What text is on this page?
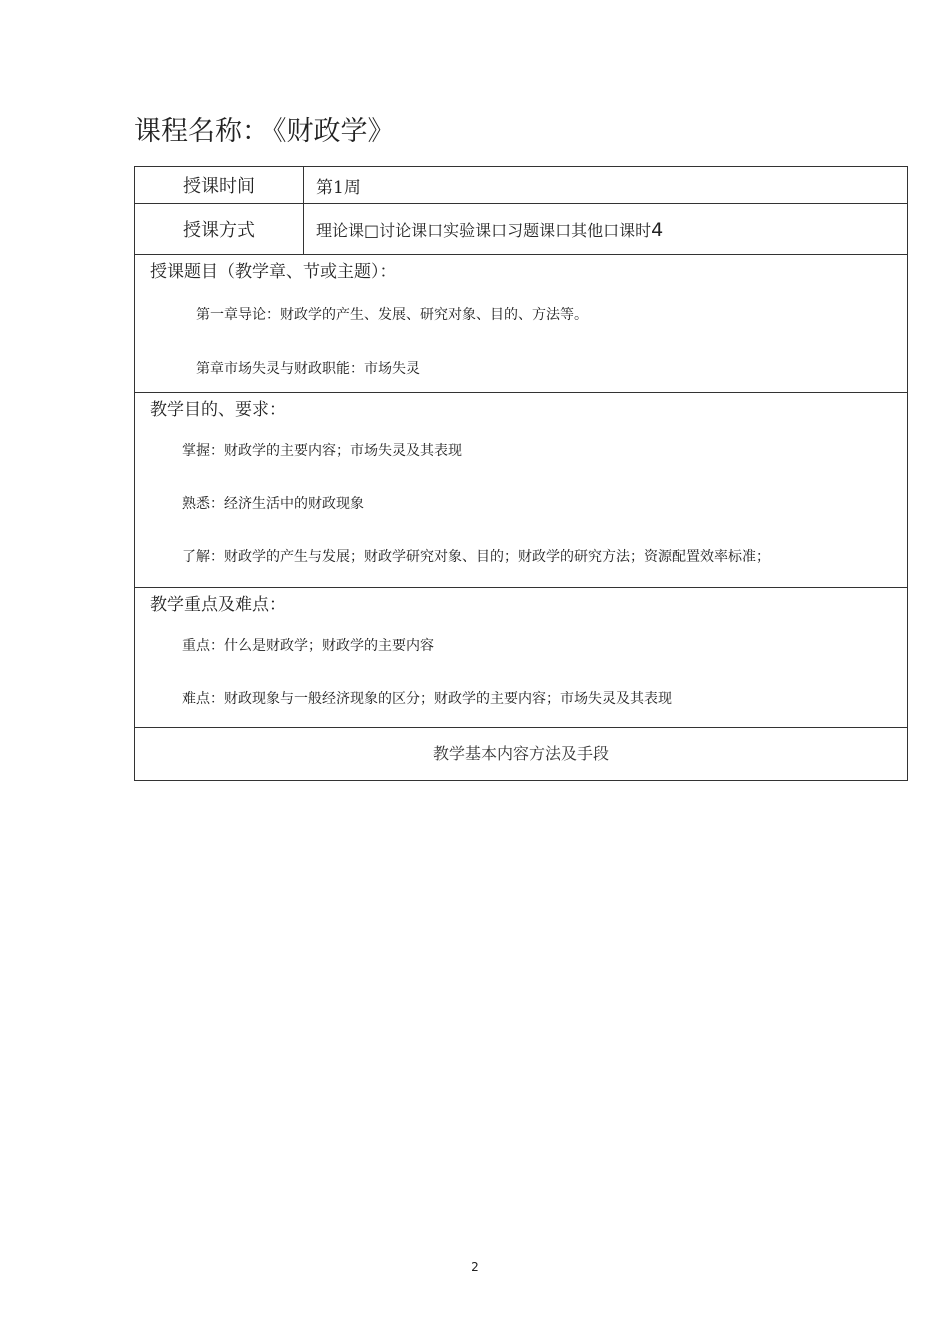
课程名称： 《财政学》
授课时间	第1周
授课方式	理论课□讨论课口实验课口习题课口其他口课时4

授课题目（教学章、节或主题）：
第一章导论：财政学的产生、发展、研究对象、目的、方法等。
第章市场失灵与财政职能：市场失灵	

教学目的、要求：
掌握：财政学的主要内容；市场失灵及其表现
熟悉：经济生活中的财政现象
了解：财政学的产生与发展；财政学研究对象、目的；财政学的研究方法；资源配置效率标准；	

教学重点及难点：
重点：什么是财政学；财政学的主要内容
难点：财政现象与一般经济现象的区分；财政学的主要内容；市场失灵及其表现	

教学基本内容方法及手段	
2
